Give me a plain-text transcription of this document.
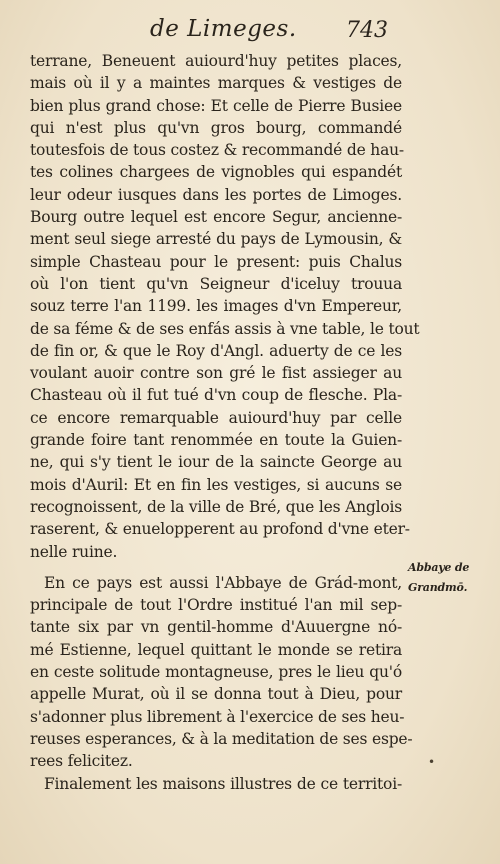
de Limeges. 743
terrane, Beneuent auiourd'huy petites places,
mais où il y a maintes marques & vestiges de
bien plus grand chose: Et celle de Pierre Busiee
qui n'est plus qu'vn gros bourg, commandé
toutesfois de tous costez & recommandé de hau-
tes colines chargees de vignobles qui espandét
leur odeur iusques dans les portes de Limoges.
Bourg outre lequel est encore Segur, ancienne-
ment seul siege arresté du pays de Lymousin, &
simple Chasteau pour le present: puis Chalus
où l'on tient qu'vn Seigneur d'iceluy trouua
souz terre l'an 1199. les images d'vn Empereur,
de sa féme & de ses enfás assis à vne table, le tout
de fin or, & que le Roy d'Angl. aduerty de ce les
voulant auoir contre son gré le fist assieger au
Chasteau où il fut tué d'vn coup de flesche. Pla-
ce encore remarquable auiourd'huy par celle
grande foire tant renommée en toute la Guien-
ne, qui s'y tient le iour de la saincte George au
mois d'Auril: Et en fin les vestiges, si aucuns se
recognoissent, de la ville de Bré, que les Anglois
raserent, & enuelopperent au profond d'vne eter-
nelle ruine.
En ce pays est aussi l'Abbaye de Grád-mont,
principale de tout l'Ordre institué l'an mil sep-
tante six par vn gentil-homme d'Auuergne nó-
mé Estienne, lequel quittant le monde se retira
en ceste solitude montagneuse, pres le lieu qu'ó
appelle Murat, où il se donna tout à Dieu, pour
s'adonner plus librement à l'exercice de ses heu-
reuses esperances, & à la meditation de ses espe-
rees felicitez.
Finalement les maisons illustres de ce territoi-
Abbaye de
Grandmō.
•
